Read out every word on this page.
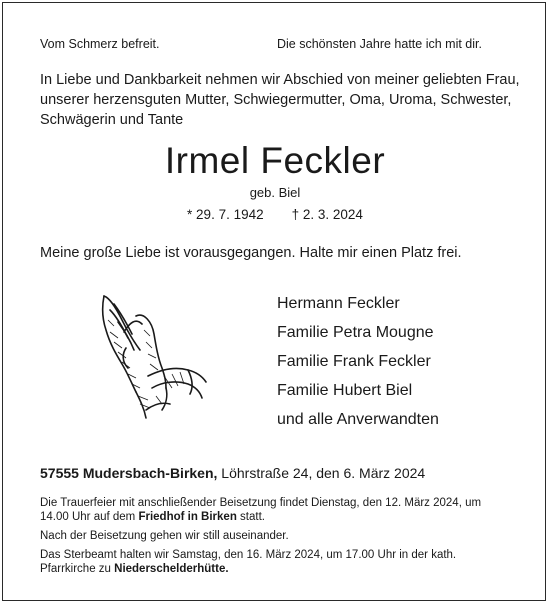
Vom Schmerz befreit.	Die schönsten Jahre hatte ich mit dir.
In Liebe und Dankbarkeit nehmen wir Abschied von meiner geliebten Frau,
unserer herzensguten Mutter, Schwiegermutter, Oma, Uroma, Schwester,
Schwägerin und Tante
Irmel Feckler
geb. Biel
* 29. 7. 1942 † 2. 3. 2024
Meine große Liebe ist vorausgegangen. Halte mir einen Platz frei.
Hermann Feckler
Familie Petra Mougne
Familie Frank Feckler
Familie Hubert Biel
und alle Anverwandten
57555 Mudersbach-Birken, Löhrstraße 24, den 6. März 2024

Die Trauerfeier mit anschließender Beisetzung findet Dienstag, den 12. März 2024, um 14.00 Uhr auf dem Friedhof in Birken statt.

Nach der Beisetzung gehen wir still auseinander.

Das Sterbeamt halten wir Samstag, den 16. März 2024, um 17.00 Uhr in der kath. Pfarrkirche zu Niederschelderhütte.
